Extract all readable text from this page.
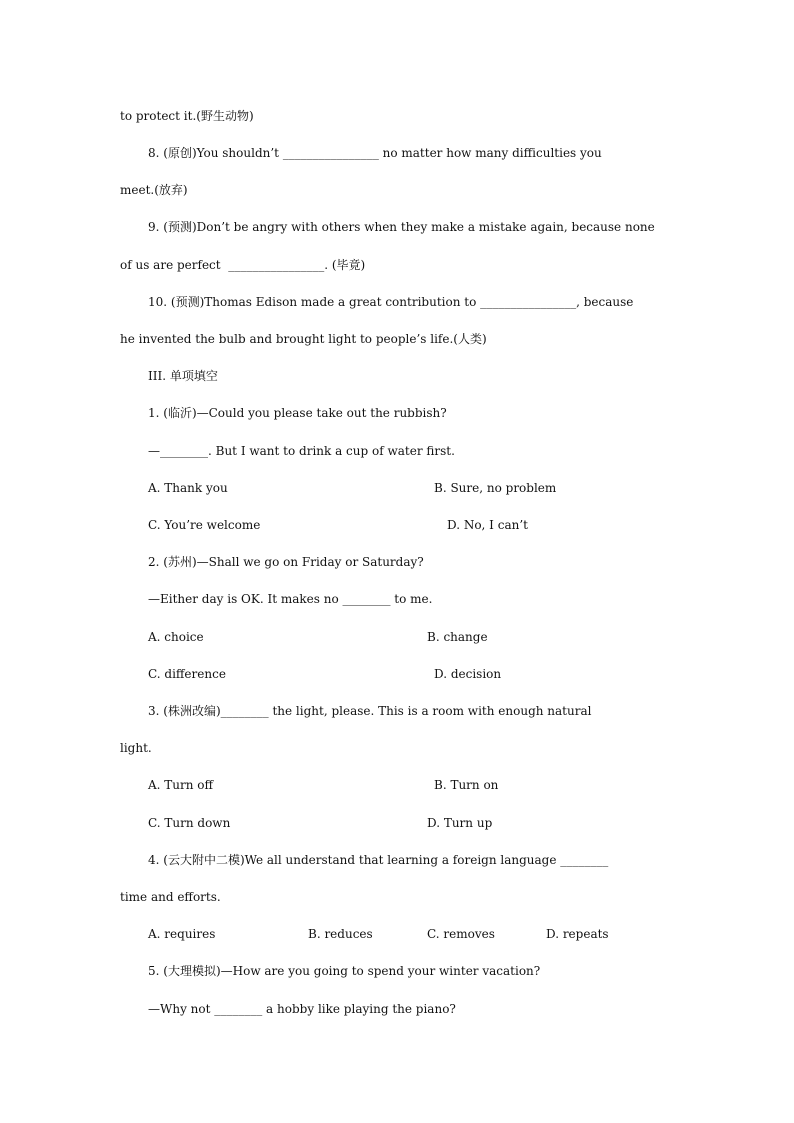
to protect it.(野生动物)
8. (原创)You shouldn’t ________________ no matter how many difficulties you
meet.(放弃)
9. (预测)Don’t be angry with others when they make a mistake again, because none
of us are perfect  ________________. (毕竟)
10. (预测)Thomas Edison made a great contribution to ________________, because
he invented the bulb and brought light to people’s life.(人类)
III. 单项填空
1. (临沂)—Could you please take out the rubbish?
—________. But I want to drink a cup of water first.
A. Thank you	B. Sure, no problem
C. You’re welcome	D. No, I can’t
2. (苏州)—Shall we go on Friday or Saturday?
—Either day is OK. It makes no ________ to me.
A. choice	B. change
C. difference	D. decision
3. (株洲改编)________ the light, please. This is a room with enough natural
light.
A. Turn off	B. Turn on
C. Turn down	D. Turn up
4. (云大附中二模)We all understand that learning a foreign language ________
time and efforts.
A. requires	B. reduces	C. removes	D. repeats
5. (大理模拟)—How are you going to spend your winter vacation?
—Why not ________ a hobby like playing the piano?
